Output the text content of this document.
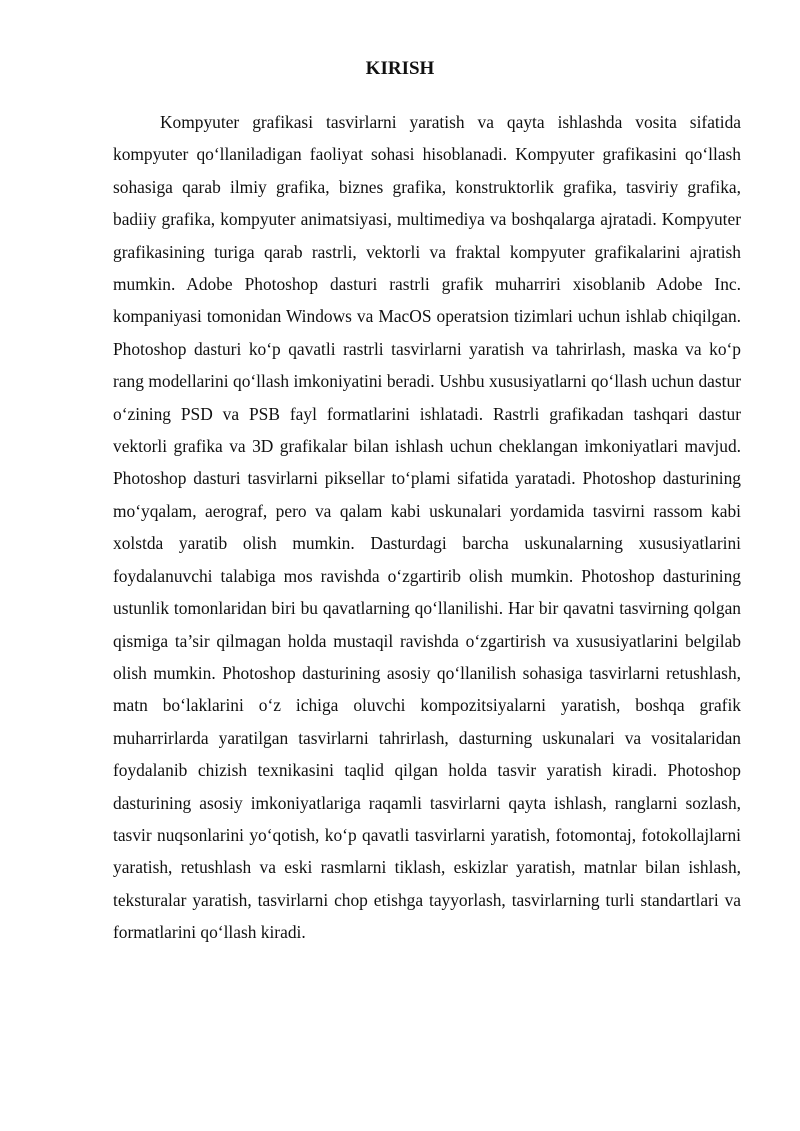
KIRISH

Kompyuter grafikasi tasvirlarni yaratish va qayta ishlashda vosita sifatida kompyuter qo‘llaniladigan faoliyat sohasi hisoblanadi. Kompyuter grafikasini qo‘llash sohasiga qarab ilmiy grafika, biznes grafika, konstruktorlik grafika, tasviriy grafika, badiiy grafika, kompyuter animatsiyasi, multimediya va boshqalarga ajratadi. Kompyuter grafikasining turiga qarab rastrli, vektorli va fraktal kompyuter grafikalarini ajratish mumkin. Adobe Photoshop dasturi rastrli grafik muharriri xisoblanib Adobe Inc. kompaniyasi tomonidan Windows va MacOS operatsion tizimlari uchun ishlab chiqilgan. Photoshop dasturi ko‘p qavatli rastrli tasvirlarni yaratish va tahrirlash, maska va ko‘p rang modellarini qo‘llash imkoniyatini beradi. Ushbu xususiyatlarni qo‘llash uchun dastur o‘zining PSD va PSB fayl formatlarini ishlatadi. Rastrli grafikadan tashqari dastur vektorli grafika va 3D grafikalar bilan ishlash uchun cheklangan imkoniyatlari mavjud. Photoshop dasturi tasvirlarni piksellar to‘plami sifatida yaratadi. Photoshop dasturining mo‘yqalam, aerograf, pero va qalam kabi uskunalari yordamida tasvirni rassom kabi xolstda yaratib olish mumkin. Dasturdagi barcha uskunalarning xususiyatlarini foydalanuvchi talabiga mos ravishda o‘zgartirib olish mumkin. Photoshop dasturining ustunlik tomonlaridan biri bu qavatlarning qo‘llanilishi. Har bir qavatni tasvirning qolgan qismiga ta’sir qilmagan holda mustaqil ravishda o‘zgartirish va xususiyatlarini belgilab olish mumkin. Photoshop dasturining asosiy qo‘llanilish sohasiga tasvirlarni retushlash, matn bo‘laklarini o‘z ichiga oluvchi kompozitsiyalarni yaratish, boshqa grafik muharrirlarda yaratilgan tasvirlarni tahrirlash, dasturning uskunalari va vositalaridan foydalanib chizish texnikasini taqlid qilgan holda tasvir yaratish kiradi. Photoshop dasturining asosiy imkoniyatlariga raqamli tasvirlarni qayta ishlash, ranglarni sozlash, tasvir nuqsonlarini yo‘qotish, ko‘p qavatli tasvirlarni yaratish, fotomontaj, fotokollajlarni yaratish, retushlash va eski rasmlarni tiklash, eskizlar yaratish, matnlar bilan ishlash, teksturalar yaratish, tasvirlarni chop etishga tayyorlash, tasvirlarning turli standartlari va formatlarini qo‘llash kiradi.
